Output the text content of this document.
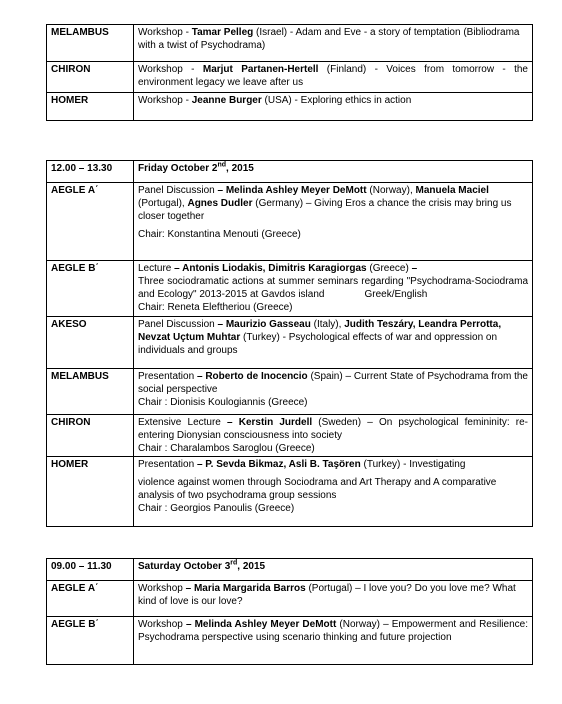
MELAMBUS	Workshop - Tamar Pelleg (Israel) - Adam and Eve - a story of temptation (Bibliodrama with a twist of Psychodrama)
CHIRON	Workshop - Marjut Partanen-Hertell (Finland) - Voices from tomorrow - the environment legacy we leave after us
HOMER	Workshop - Jeanne Burger (USA) - Exploring ethics in action
12.00 – 13.30	Friday October 2nd, 2015
AEGLE A΄	Panel Discussion – Melinda Ashley Meyer DeMott (Norway), Manuela Maciel (Portugal), Agnes Dudler (Germany) – Giving Eros a chance the crisis may bring us closer together
Chair: Konstantina Menouti (Greece)
AEGLE B΄	Lecture – Antonis Liodakis, Dimitris Karagiorgas (Greece) –
Three sociodramatic actions at summer seminars regarding "Psychodrama-Sociodrama and Ecology" 2013-2015 at Gavdos island Greek/English
Chair: Reneta Eleftheriou (Greece)
AKESO	Panel Discussion – Maurizio Gasseau (Italy), Judith Teszáry, Leandra Perrotta, Nevzat Uçtum Muhtar (Turkey) - Psychological effects of war and oppression on individuals and groups
MELAMBUS	Presentation – Roberto de Inocencio (Spain) – Current State of Psychodrama from the social perspective
Chair : Dionisis Koulogiannis (Greece)
CHIRON	Extensive Lecture – Kerstin Jurdell (Sweden) – On psychological femininity: re-entering Dionysian consciousness into society
Chair : Charalambos Saroglou (Greece)
HOMER	Presentation – P. Sevda Bikmaz, Asli B. Taşören (Turkey) - Investigating
violence against women through Sociodrama and Art Therapy and A comparative analysis of two psychodrama group sessions
Chair : Georgios Panoulis (Greece)
09.00 – 11.30	Saturday October 3rd, 2015
AEGLE A΄	Workshop – Maria Margarida Barros (Portugal) – I love you? Do you love me? What kind of love is our love?
AEGLE B΄	Workshop – Melinda Ashley Meyer DeMott (Norway) – Empowerment and Resilience: Psychodrama perspective using scenario thinking and future projection
